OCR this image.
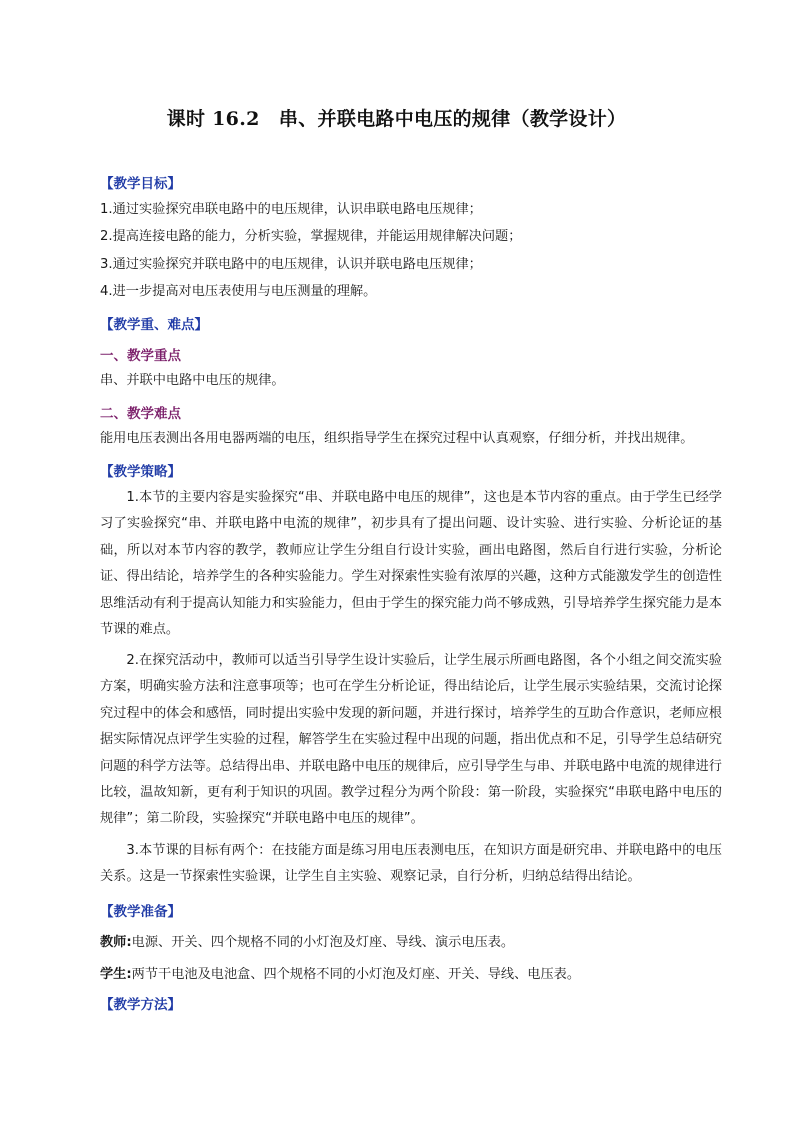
课时 16.2　串、并联电路中电压的规律（教学设计）
【教学目标】
1.通过实验探究串联电路中的电压规律，认识串联电路电压规律；
2.提高连接电路的能力，分析实验，掌握规律，并能运用规律解决问题；
3.通过实验探究并联电路中的电压规律，认识并联电路电压规律；
4.进一步提高对电压表使用与电压测量的理解。
【教学重、难点】
一、教学重点
串、并联中电路中电压的规律。
二、教学难点
能用电压表测出各用电器两端的电压，组织指导学生在探究过程中认真观察，仔细分析，并找出规律。
【教学策略】
1.本节的主要内容是实验探究“串、并联电路中电压的规律”，这也是本节内容的重点。由于学生已经学习了实验探究“串、并联电路中电流的规律”，初步具有了提出问题、设计实验、进行实验、分析论证的基础，所以对本节内容的教学，教师应让学生分组自行设计实验，画出电路图，然后自行进行实验，分析论证、得出结论，培养学生的各种实验能力。学生对探索性实验有浓厚的兴趣，这种方式能激发学生的创造性思维活动有利于提高认知能力和实验能力，但由于学生的探究能力尚不够成熟，引导培养学生探究能力是本节课的难点。
2.在探究活动中，教师可以适当引导学生设计实验后，让学生展示所画电路图，各个小组之间交流实验方案，明确实验方法和注意事项等；也可在学生分析论证，得出结论后，让学生展示实验结果，交流讨论探究过程中的体会和感悟，同时提出实验中发现的新问题，并进行探讨，培养学生的互助合作意识，老师应根据实际情况点评学生实验的过程，解答学生在实验过程中出现的问题，指出优点和不足，引导学生总结研究问题的科学方法等。总结得出串、并联电路中电压的规律后，应引导学生与串、并联电路中电流的规律进行比较，温故知新，更有利于知识的巩固。教学过程分为两个阶段：第一阶段，实验探究“串联电路中电压的规律”；第二阶段，实验探究“并联电路中电压的规律”。
3.本节课的目标有两个：在技能方面是练习用电压表测电压，在知识方面是研究串、并联电路中的电压关系。这是一节探索性实验课，让学生自主实验、观察记录，自行分析，归纳总结得出结论。
【教学准备】
教师:电源、开关、四个规格不同的小灯泡及灯座、导线、演示电压表。
学生:两节干电池及电池盒、四个规格不同的小灯泡及灯座、开关、导线、电压表。
【教学方法】
